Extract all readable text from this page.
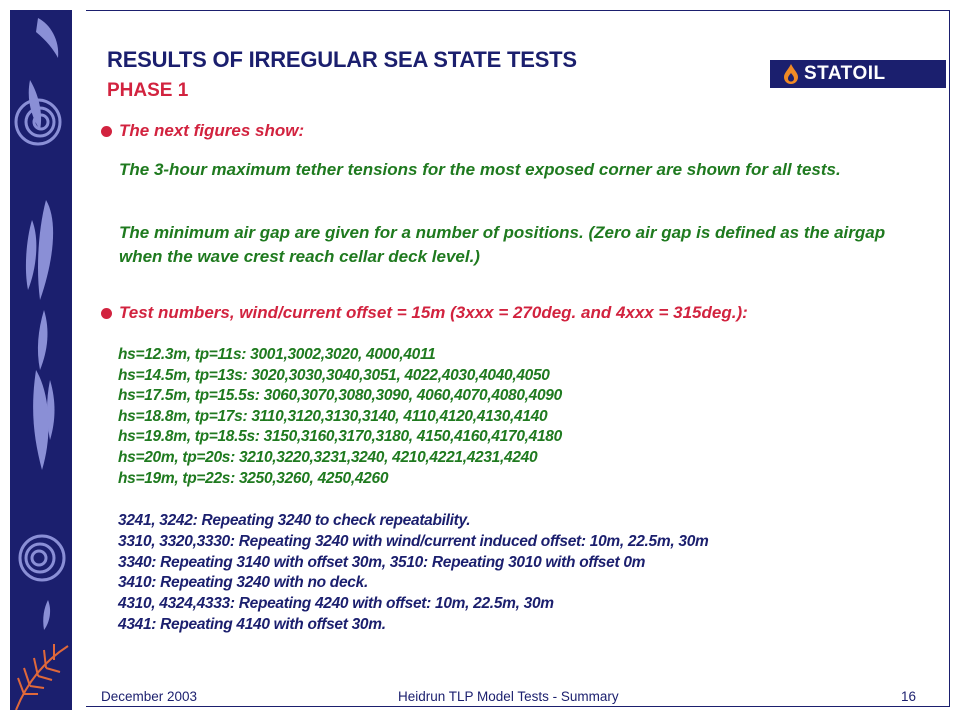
RESULTS OF IRREGULAR SEA STATE TESTS
PHASE 1
STATOIL
The next figures show:

The 3-hour maximum tether tensions for the most exposed corner are shown for all tests.

The minimum air gap are given for a number of positions. (Zero air gap is defined as the airgap when the wave crest reach cellar deck level.)

Test numbers, wind/current offset = 15m (3xxx = 270deg. and 4xxx = 315deg.):
hs=12.3m, tp=11s: 3001,3002,3020, 4000,4011
hs=14.5m, tp=13s: 3020,3030,3040,3051, 4022,4030,4040,4050
hs=17.5m, tp=15.5s: 3060,3070,3080,3090, 4060,4070,4080,4090
hs=18.8m, tp=17s: 3110,3120,3130,3140, 4110,4120,4130,4140
hs=19.8m, tp=18.5s: 3150,3160,3170,3180, 4150,4160,4170,4180
hs=20m, tp=20s: 3210,3220,3231,3240, 4210,4221,4231,4240
hs=19m, tp=22s: 3250,3260, 4250,4260
3241, 3242: Repeating 3240 to check repeatability.
3310, 3320,3330: Repeating 3240 with wind/current induced offset: 10m, 22.5m, 30m
3340: Repeating 3140 with offset 30m, 3510: Repeating 3010 with offset 0m
3410: Repeating 3240 with no deck.
4310, 4324,4333: Repeating 4240 with offset: 10m, 22.5m, 30m
4341: Repeating 4140 with offset 30m.
December 2003	Heidrun TLP Model Tests - Summary	16
